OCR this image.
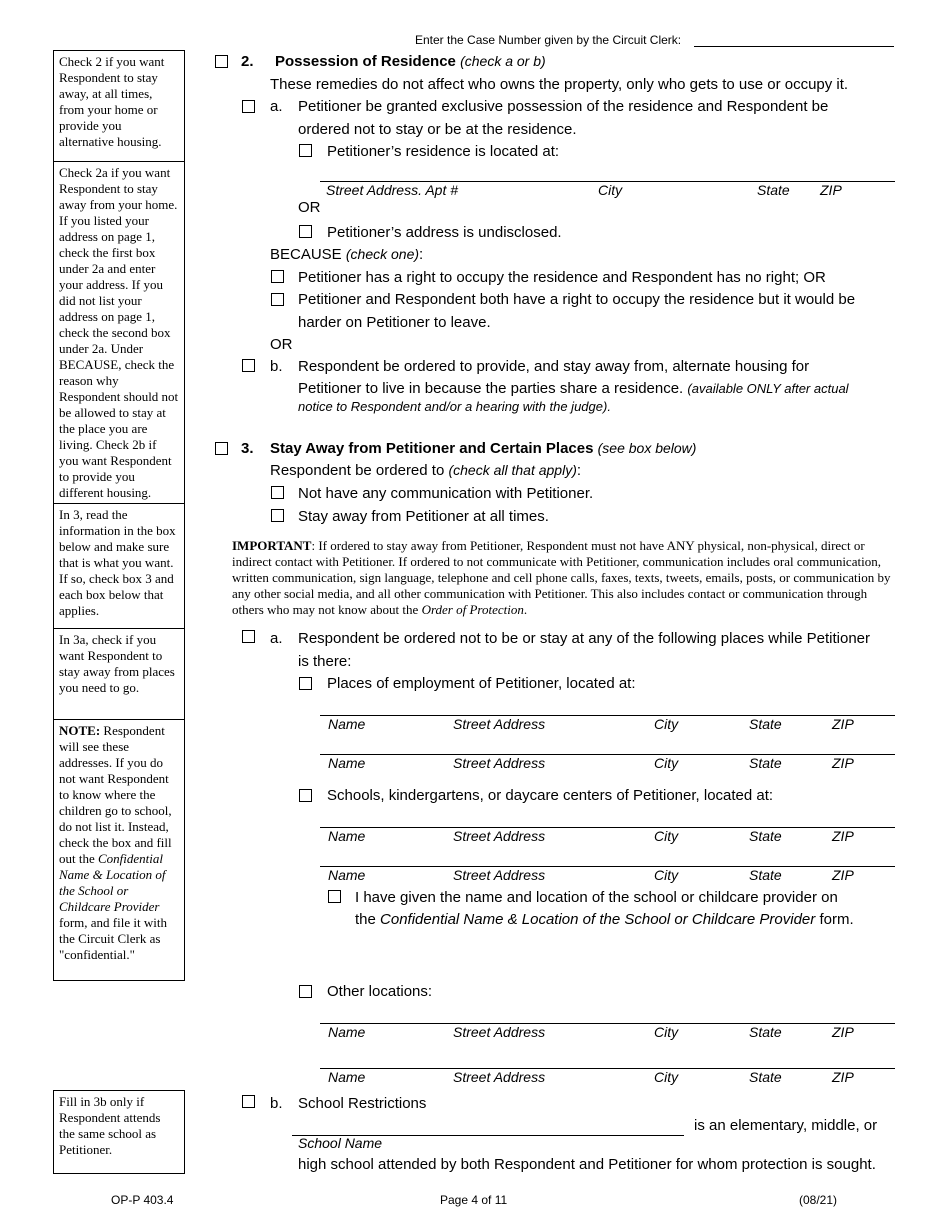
Enter the Case Number given by the Circuit Clerk:
Check 2 if you want Respondent to stay away, at all times, from your home or provide you alternative housing.
Check 2a if you want Respondent to stay away from your home. If you listed your address on page 1, check the first box under 2a and enter your address. If you did not list your address on page 1, check the second box under 2a. Under BECAUSE, check the reason why Respondent should not be allowed to stay at the place you are living. Check 2b if you want Respondent to provide you different housing.
In 3, read the information in the box below and make sure that is what you want. If so, check box 3 and each box below that applies.
In 3a, check if you want Respondent to stay away from places you need to go.
NOTE: Respondent will see these addresses. If you do not want Respondent to know where the children go to school, do not list it. Instead, check the box and fill out the Confidential Name & Location of the School or Childcare Provider form, and file it with the Circuit Clerk as "confidential."
Fill in 3b only if Respondent attends the same school as Petitioner.
2. Possession of Residence (check a or b)
These remedies do not affect who owns the property, only who gets to use or occupy it.
a. Petitioner be granted exclusive possession of the residence and Respondent be
ordered not to stay or be at the residence.
Petitioner’s residence is located at:
Street Address. Apt #	City	State ZIP
OR
Petitioner’s address is undisclosed.
BECAUSE (check one):
Petitioner has a right to occupy the residence and Respondent has no right; OR
Petitioner and Respondent both have a right to occupy the residence but it would be
harder on Petitioner to leave.
OR
b. Respondent be ordered to provide, and stay away from, alternate housing for
Petitioner to live in because the parties share a residence. (available ONLY after actual
notice to Respondent and/or a hearing with the judge).
3. Stay Away from Petitioner and Certain Places (see box below)
Respondent be ordered to (check all that apply):
Not have any communication with Petitioner.
Stay away from Petitioner at all times.
IMPORTANT: If ordered to stay away from Petitioner, Respondent must not have ANY physical, non-physical, direct or indirect contact with Petitioner. If ordered to not communicate with Petitioner, communication includes oral communication, written communication, sign language, telephone and cell phone calls, faxes, texts, tweets, emails, posts, or communication by any other social media, and all other communication with Petitioner. This also includes contact or communication through others who may not know about the Order of Protection.
a. Respondent be ordered not to be or stay at any of the following places while Petitioner
is there:
Places of employment of Petitioner, located at:
Name	Street Address	City	State	ZIP
Name	Street Address	City	State	ZIP
Schools, kindergartens, or daycare centers of Petitioner, located at:
Name	Street Address	City	State	ZIP
Name	Street Address	City	State	ZIP
I have given the name and location of the school or childcare provider on
the Confidential Name & Location of the School or Childcare Provider form.
Other locations:
Name	Street Address	City	State	ZIP
Name	Street Address	City	State	ZIP
b. School Restrictions
is an elementary, middle, or
School Name
high school attended by both Respondent and Petitioner for whom protection is sought.
OP-P 403.4	Page 4 of 11	(08/21)
